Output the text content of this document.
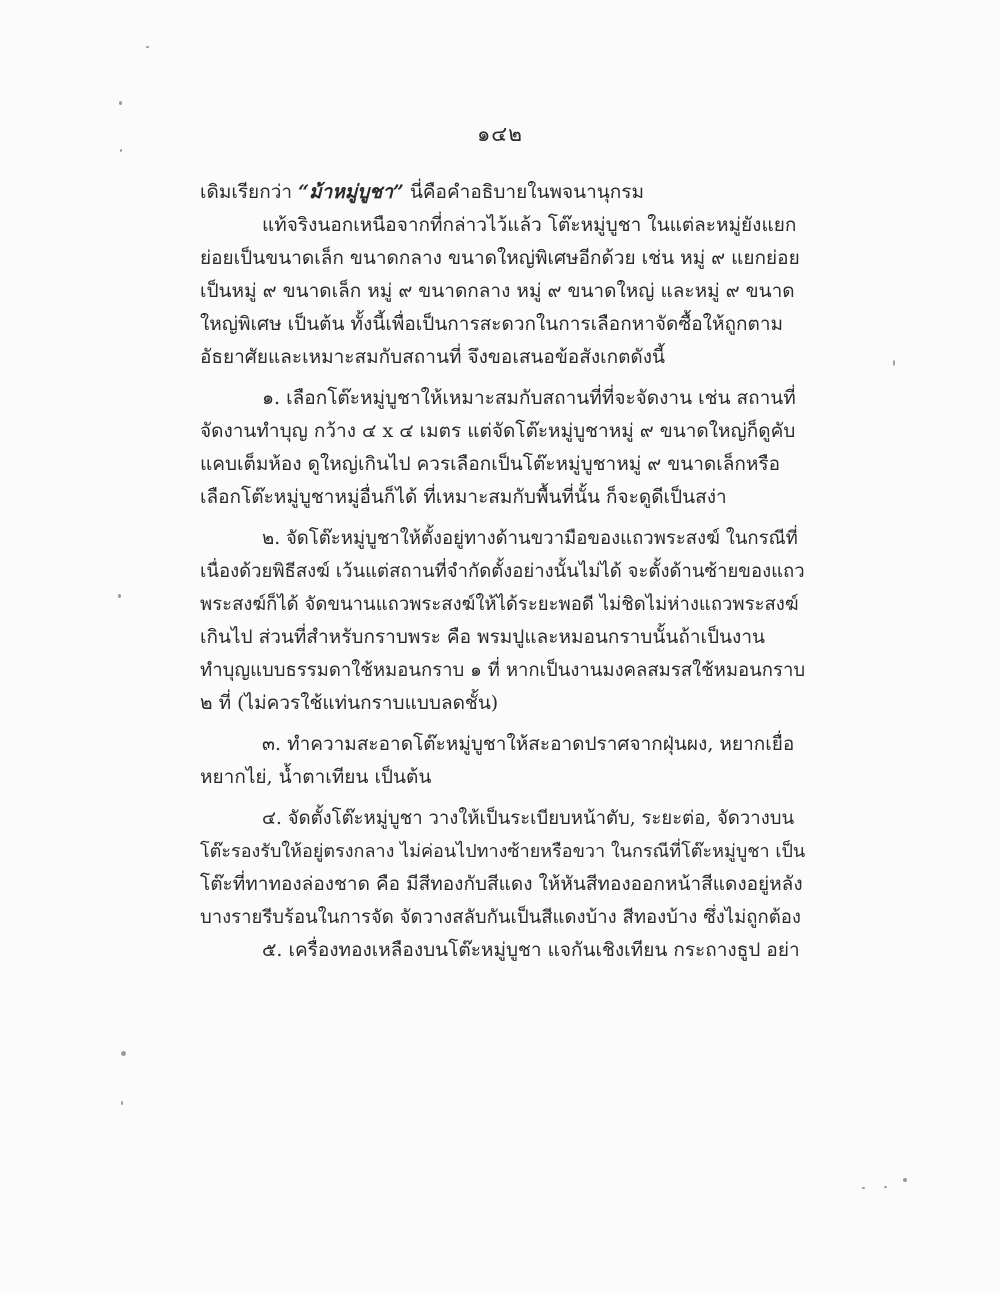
๑๔๒
เดิมเรียกว่า “ม้าหมู่บูชา” นี่คือคำอธิบายในพจนานุกรม
แท้จริงนอกเหนือจากที่กล่าวไว้แล้ว โต๊ะหมู่บูชา ในแต่ละหมู่ยังแยก
ย่อยเป็นขนาดเล็ก ขนาดกลาง ขนาดใหญ่พิเศษอีกด้วย เช่น หมู่ ๙ แยกย่อย
เป็นหมู่ ๙ ขนาดเล็ก หมู่ ๙ ขนาดกลาง หมู่ ๙ ขนาดใหญ่ และหมู่ ๙ ขนาด
ใหญ่พิเศษ เป็นต้น ทั้งนี้เพื่อเป็นการสะดวกในการเลือกหาจัดซื้อให้ถูกตาม
อัธยาศัยและเหมาะสมกับสถานที่ จึงขอเสนอข้อสังเกตดังนี้
๑. เลือกโต๊ะหมู่บูชาให้เหมาะสมกับสถานที่ที่จะจัดงาน เช่น สถานที่
จัดงานทำบุญ กว้าง ๔ x ๔ เมตร แต่จัดโต๊ะหมู่บูชาหมู่ ๙ ขนาดใหญ่ก็ดูคับ
แคบเต็มห้อง ดูใหญ่เกินไป ควรเลือกเป็นโต๊ะหมู่บูชาหมู่ ๙ ขนาดเล็กหรือ
เลือกโต๊ะหมู่บูชาหมู่อื่นก็ได้ ที่เหมาะสมกับพื้นที่นั้น ก็จะดูดีเป็นสง่า
๒. จัดโต๊ะหมู่บูชาให้ตั้งอยู่ทางด้านขวามือของแถวพระสงฆ์ ในกรณีที่
เนื่องด้วยพิธีสงฆ์ เว้นแต่สถานที่จำกัดตั้งอย่างนั้นไม่ได้ จะตั้งด้านซ้ายของแถว
พระสงฆ์ก็ได้ จัดขนานแถวพระสงฆ์ให้ได้ระยะพอดี ไม่ชิดไม่ห่างแถวพระสงฆ์
เกินไป ส่วนที่สำหรับกราบพระ คือ พรมปูและหมอนกราบนั้นถ้าเป็นงาน
ทำบุญแบบธรรมดาใช้หมอนกราบ ๑ ที่ หากเป็นงานมงคลสมรสใช้หมอนกราบ
๒ ที่ (ไม่ควรใช้แท่นกราบแบบลดชั้น)
๓. ทำความสะอาดโต๊ะหมู่บูชาให้สะอาดปราศจากฝุ่นผง, หยากเยื่อ
หยากไย่, น้ำตาเทียน เป็นต้น
๔. จัดตั้งโต๊ะหมู่บูชา วางให้เป็นระเบียบหน้าตับ, ระยะต่อ, จัดวางบน
โต๊ะรองรับให้อยู่ตรงกลาง ไม่ค่อนไปทางซ้ายหรือขวา ในกรณีที่โต๊ะหมู่บูชา เป็น
โต๊ะที่ทาทองล่องชาด คือ มีสีทองกับสีแดง ให้หันสีทองออกหน้าสีแดงอยู่หลัง
บางรายรีบร้อนในการจัด จัดวางสลับกันเป็นสีแดงบ้าง สีทองบ้าง ซึ่งไม่ถูกต้อง
๕. เครื่องทองเหลืองบนโต๊ะหมู่บูชา แจกันเชิงเทียน กระถางธูป อย่า
